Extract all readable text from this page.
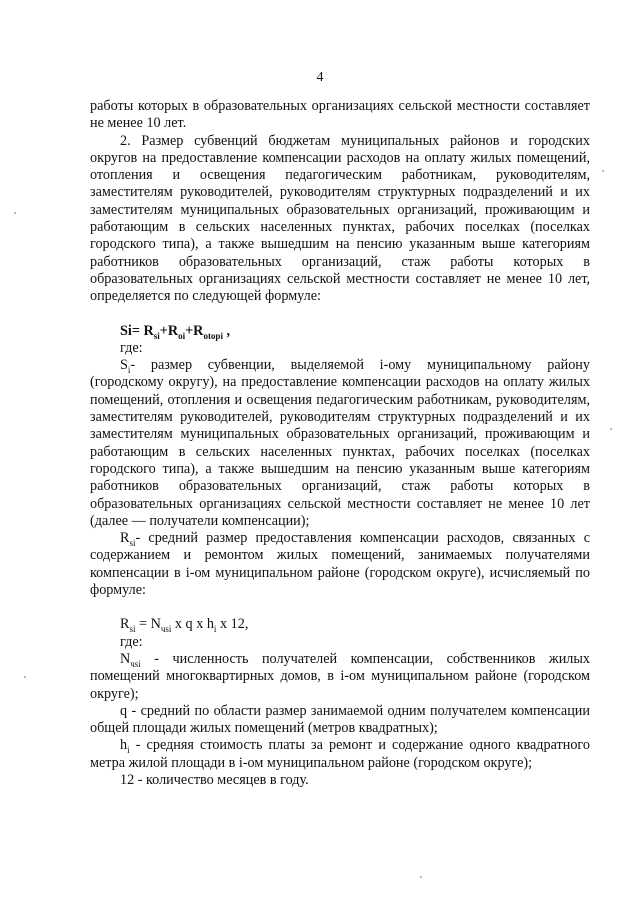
4

работы которых в образовательных организациях сельской местности составляет не менее 10 лет.

2. Размер субвенций бюджетам муниципальных районов и городских округов на предоставление компенсации расходов на оплату жилых помещений, отопления и освещения педагогическим работникам, руководителям, заместителям руководителей, руководителям структурных подразделений и их заместителям муниципальных образовательных организаций, проживающим и работающим в сельских населенных пунктах, рабочих поселках (поселках городского типа), а также вышедшим на пенсию указанным выше категориям работников образовательных организаций, стаж работы которых в образовательных организациях сельской местности составляет не менее 10 лет, определяется по следующей формуле:

$Si= R_{si}+R_{oi}+R_{otopi}$ ,

где:

$S_i-$ размер субвенции, выделяемой i-ому муниципальному району (городскому округу), на предоставление компенсации расходов на оплату жилых помещений, отопления и освещения педагогическим работникам, руководителям, заместителям руководителей, руководителям структурных подразделений и их заместителям муниципальных образовательных организаций, проживающим и работающим в сельских населенных пунктах, рабочих поселках (поселках городского типа), а также вышедшим на пенсию указанным выше категориям работников образовательных организаций, стаж работы которых в образовательных организациях сельской местности составляет не менее 10 лет (далее — получатели компенсации);

$R_{si}-$ средний размер предоставления компенсации расходов, связанных с содержанием и ремонтом жилых помещений, занимаемых получателями компенсации в i-ом муниципальном районе (городском округе), исчисляемый по формуле:

$R_{si} = N_{чsi}$ x q x $h_i$ x 12,

где:

$N_{чsi}$ - численность получателей компенсации, собственников жилых помещений многоквартирных домов, в i-ом муниципальном районе (городском округе);

q - средний по области размер занимаемой одним получателем компенсации общей площади жилых помещений (метров квадратных);

$h_i$ - средняя стоимость платы за ремонт и содержание одного квадратного метра жилой площади в i-ом муниципальном районе (городском округе);

12 - количество месяцев в году.
